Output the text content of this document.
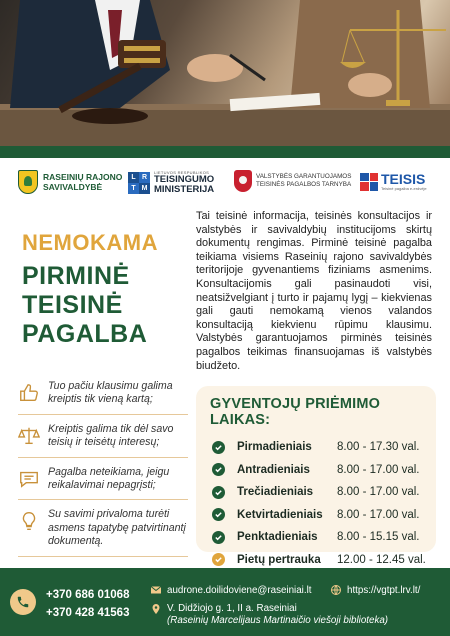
RASEINIŲ RAJONO
SAVIVALDYBĖ
L R
T M
LIETUVOS RESPUBLIKOS
TEISINGUMO
MINISTERIJA
VALSTYBĖS GARANTUOJAMOS
TEISINĖS PAGALBOS TARNYBA TEISIS
Teisinė pagalba e-erdvėje
NEMOKAMA
PIRMINĖ
TEISINĖ
PAGALBA
Tai teisinė informacija, teisinės konsultacijos ir valstybės ir savivaldybių institucijoms skirtų dokumentų rengimas. Pirminė teisinė pagalba teikiama visiems Raseinių rajono savivaldybės teritorijoje gyvenantiems fiziniams asmenims. Konsultacijomis gali pasinaudoti visi, neatsižvelgiant į turto ir pajamų lygį – kiekvienas gali gauti nemokamą vienos valandos konsultaciją kiekvienu rūpimu klausimu. Valstybės garantuojamos pirminės teisinės pagalbos teikimas finansuojamas iš valstybės biudžeto.
Tuo pačiu klausimu galima kreiptis tik vieną kartą;
Kreiptis galima tik dėl savo teisių ir teisėtų interesų;
Pagalba neteikiama, jeigu reikalavimai nepagrįsti;
Su savimi privaloma turėti asmens tapatybę patvirtinantį dokumentą.
GYVENTOJŲ PRIĖMIMO LAIKAS:
Pirmadieniais	8.00 - 17.30 val.
Antradieniais	8.00 - 17.00 val.
Trečiadieniais	8.00 - 17.00 val.
Ketvirtadieniais	8.00 - 17.00 val.
Penktadieniais	8.00 - 15.15 val.
Pietų pertrauka	12.00 - 12.45 val.
+370 686 01068
+370 428 41563
audrone.doilidoviene@raseiniai.lt	https://vgtpt.lrv.lt/
V. Didžiojo g. 1, II a. Raseiniai
(Raseinių Marcelijaus Martinaičio viešoji biblioteka)
